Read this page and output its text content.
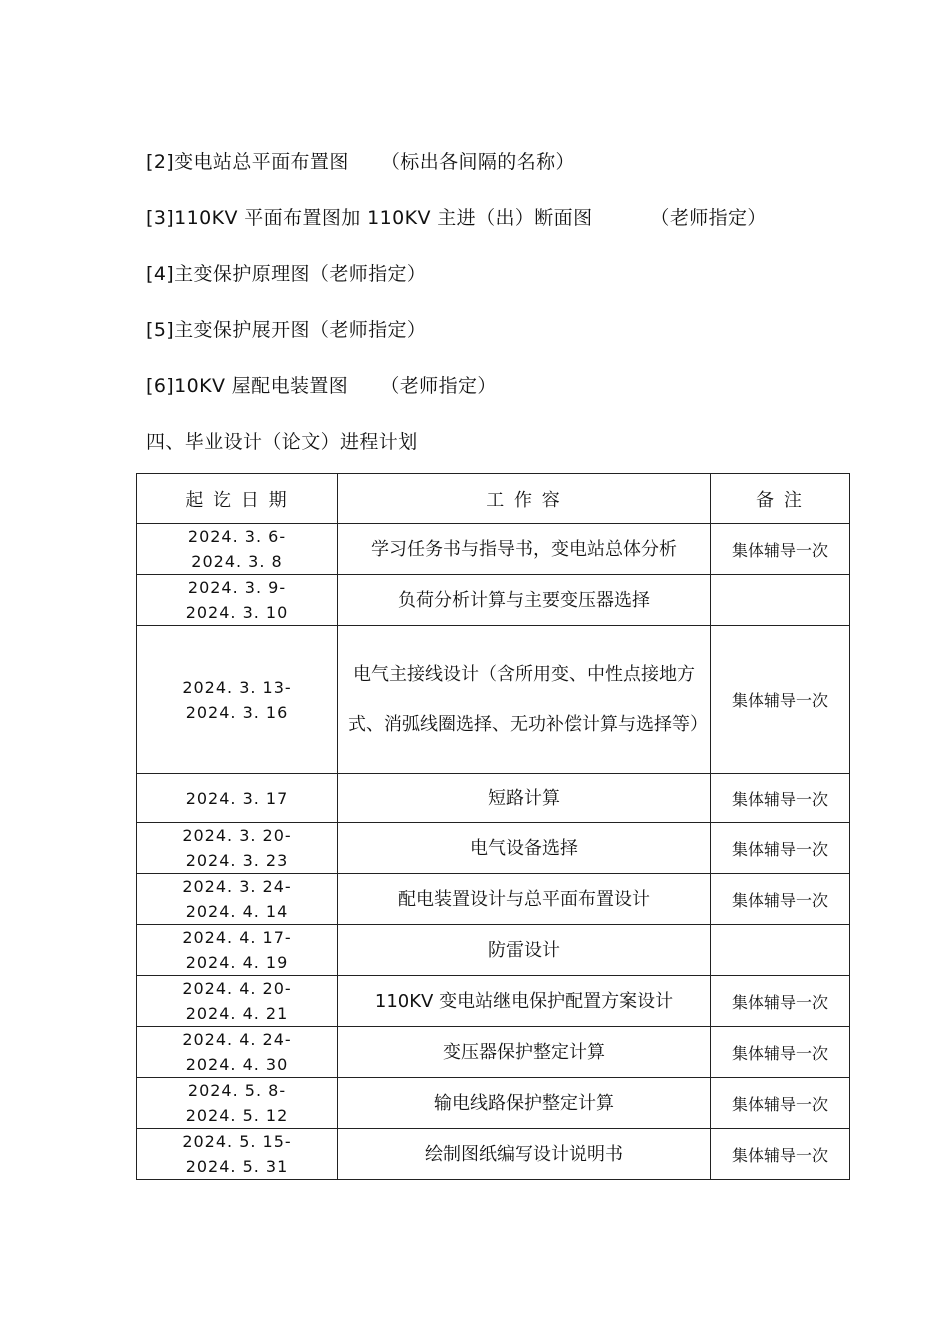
[2]变电站总平面布置图     （标出各间隔的名称）
[3]110KV 平面布置图加 110KV 主进（出）断面图         （老师指定）
[4]主变保护原理图（老师指定）
[5]主变保护展开图（老师指定）
[6]10KV 屋配电装置图     （老师指定）
四、毕业设计（论文）进程计划
起 讫 日 期	工 作 容	备 注
2024. 3. 6-
2024. 3. 8	学习任务书与指导书，变电站总体分析	集体辅导一次
2024. 3. 9-
2024. 3. 10	负荷分析计算与主要变压器选择	
2024. 3. 13-
2024. 3. 16	电气主接线设计（含所用变、中性点接地方式、消弧线圈选择、无功补偿计算与选择等）	集体辅导一次
2024. 3. 17	短路计算	集体辅导一次
2024. 3. 20-
2024. 3. 23	电气设备选择	集体辅导一次
2024. 3. 24-
2024. 4. 14	配电装置设计与总平面布置设计	集体辅导一次
2024. 4. 17-
2024. 4. 19	防雷设计	
2024. 4. 20-
2024. 4. 21	110KV 变电站继电保护配置方案设计	集体辅导一次
2024. 4. 24-
2024. 4. 30	变压器保护整定计算	集体辅导一次
2024. 5. 8-
2024. 5. 12	输电线路保护整定计算	集体辅导一次
2024. 5. 15-
2024. 5. 31	绘制图纸编写设计说明书	集体辅导一次
